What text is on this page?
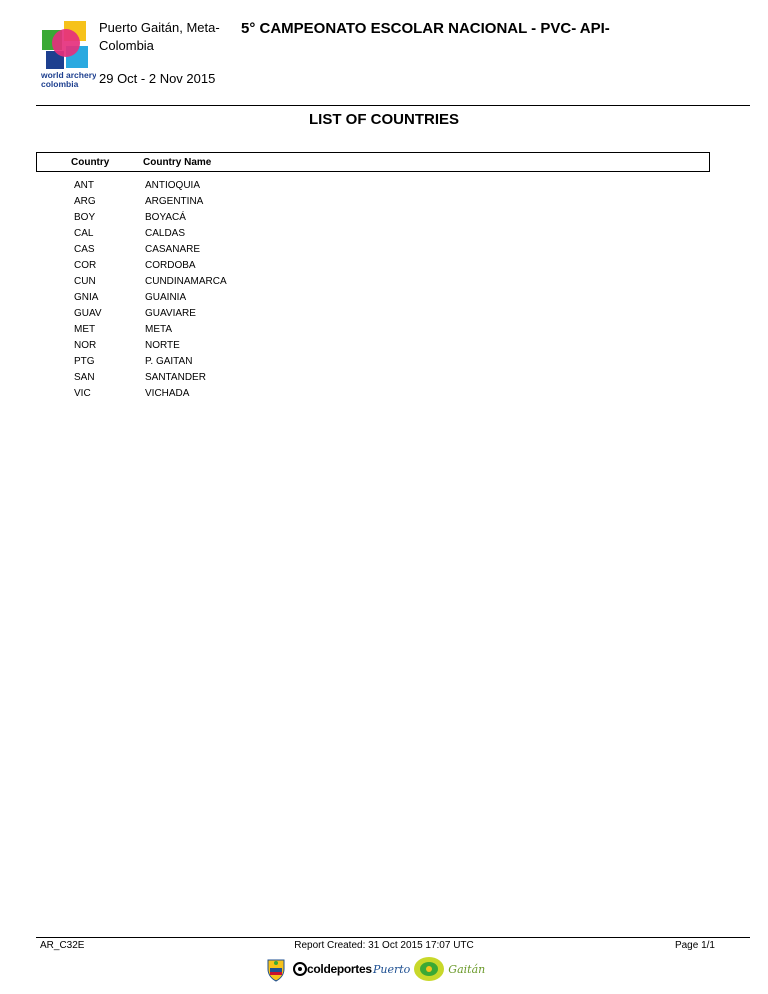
world archery
colombia
Puerto Gaitán, Meta-Colombia
5° CAMPEONATO ESCOLAR NACIONAL - PVC- API-
29 Oct - 2 Nov 2015
LIST OF COUNTRIES
Country	Country Name
ANT	ANTIOQUIA
ARG	ARGENTINA
BOY	BOYACÁ
CAL	CALDAS
CAS	CASANARE
COR	CORDOBA
CUN	CUNDINAMARCA
GNIA	GUAINIA
GUAV	GUAVIARE
MET	META
NOR	NORTE
PTG	P. GAITAN
SAN	SANTANDER
VIC	VICHADA
AR_C32E	Report Created: 31 Oct 2015 17:07 UTC	Page 1/1
coldeportes Puerto	Gaitán
